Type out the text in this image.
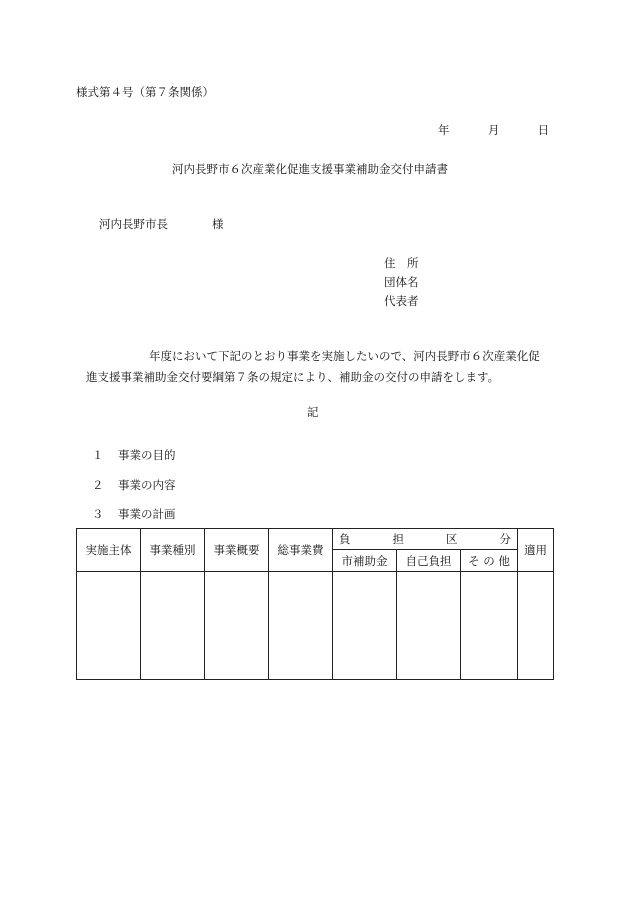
様式第４号（第７条関係）
年	月	日
河内長野市６次産業化促進支援事業補助金交付申請書
河内長野市長	様
住　所
団体名
代表者
年度において下記のとおり事業を実施したいので、河内長野市６次産業化促
進支援事業補助金交付要綱第７条の規定により、補助金の交付の申請をします。
記
１ 事業の目的
２ 事業の内容
３ 事業の計画
実施主体	事業種別	事業概要	総事業費	負 担 区 分			適用
				市補助金	自己負担	そ の 他	
